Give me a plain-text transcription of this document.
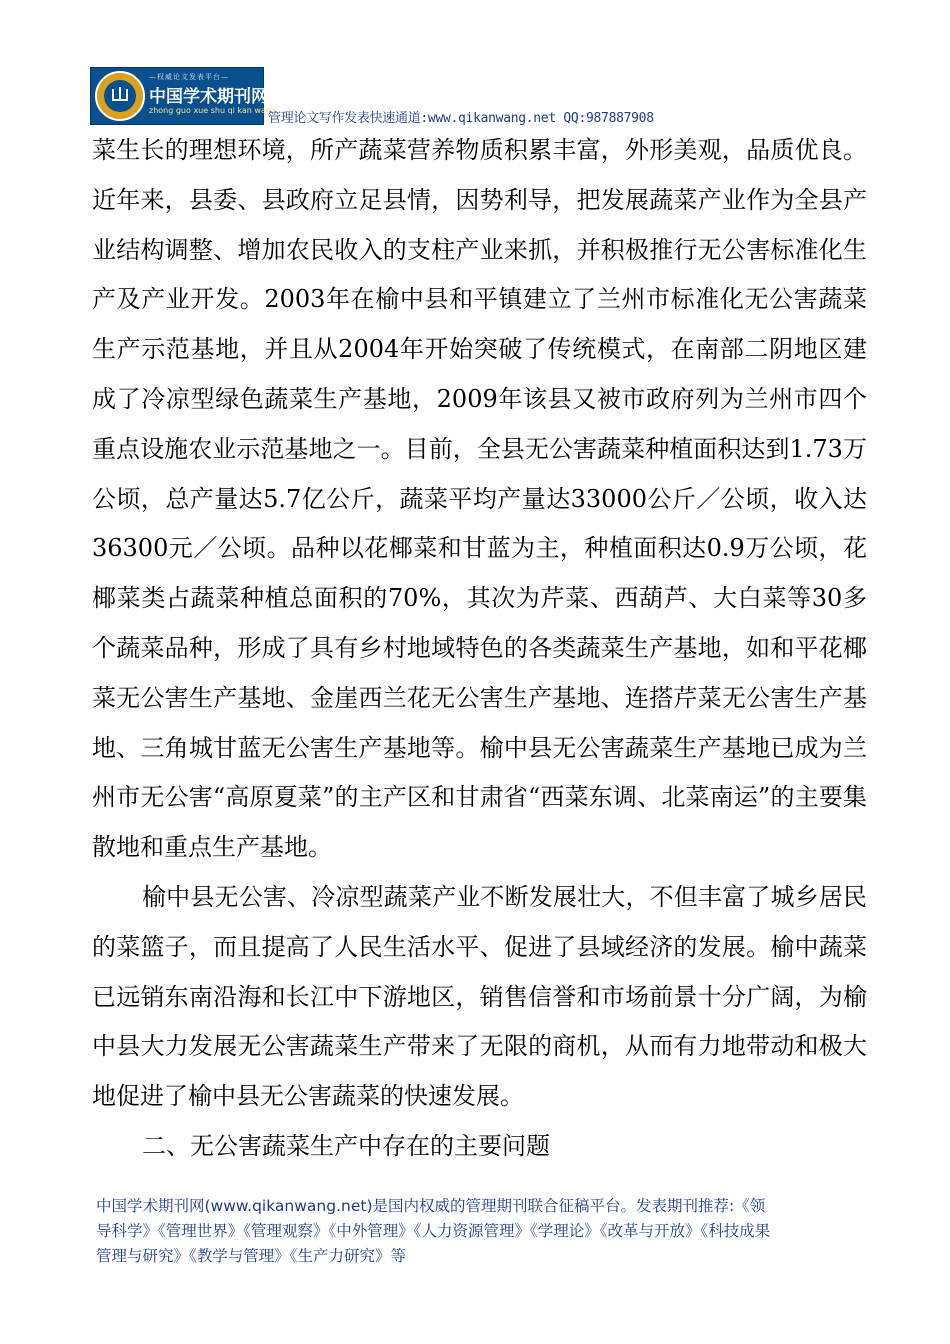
—权威论文发表平台—
中国学术期刊网
zhong guo xue shu qi kan wang
管理论文写作发表快速通道:www.qikanwang.net QQ:987887908

菜生长的理想环境，所产蔬菜营养物质积累丰富，外形美观，品质优良。近年来，县委、县政府立足县情，因势利导，把发展蔬菜产业作为全县产业结构调整、增加农民收入的支柱产业来抓，并积极推行无公害标准化生产及产业开发。2003年在榆中县和平镇建立了兰州市标准化无公害蔬菜生产示范基地，并且从2004年开始突破了传统模式，在南部二阴地区建成了冷凉型绿色蔬菜生产基地，2009年该县又被市政府列为兰州市四个重点设施农业示范基地之一。目前，全县无公害蔬菜种植面积达到1.73万公顷，总产量达5.7亿公斤，蔬菜平均产量达33000公斤／公顷，收入达36300元／公顷。品种以花椰菜和甘蓝为主，种植面积达0.9万公顷，花椰菜类占蔬菜种植总面积的70%，其次为芹菜、西葫芦、大白菜等30多个蔬菜品种，形成了具有乡村地域特色的各类蔬菜生产基地，如和平花椰菜无公害生产基地、金崖西兰花无公害生产基地、连搭芹菜无公害生产基地、三角城甘蓝无公害生产基地等。榆中县无公害蔬菜生产基地已成为兰州市无公害“高原夏菜”的主产区和甘肃省“西菜东调、北菜南运”的主要集散地和重点生产基地。

榆中县无公害、冷凉型蔬菜产业不断发展壮大，不但丰富了城乡居民的菜篮子，而且提高了人民生活水平、促进了县域经济的发展。榆中蔬菜已远销东南沿海和长江中下游地区，销售信誉和市场前景十分广阔，为榆中县大力发展无公害蔬菜生产带来了无限的商机，从而有力地带动和极大地促进了榆中县无公害蔬菜的快速发展。

二、无公害蔬菜生产中存在的主要问题

中国学术期刊网(www.qikanwang.net)是国内权威的管理期刊联合征稿平台。发表期刊推荐:《领导科学》《管理世界》《管理观察》《中外管理》《人力资源管理》《学理论》《改革与开放》《科技成果管理与研究》《教学与管理》《生产力研究》等
